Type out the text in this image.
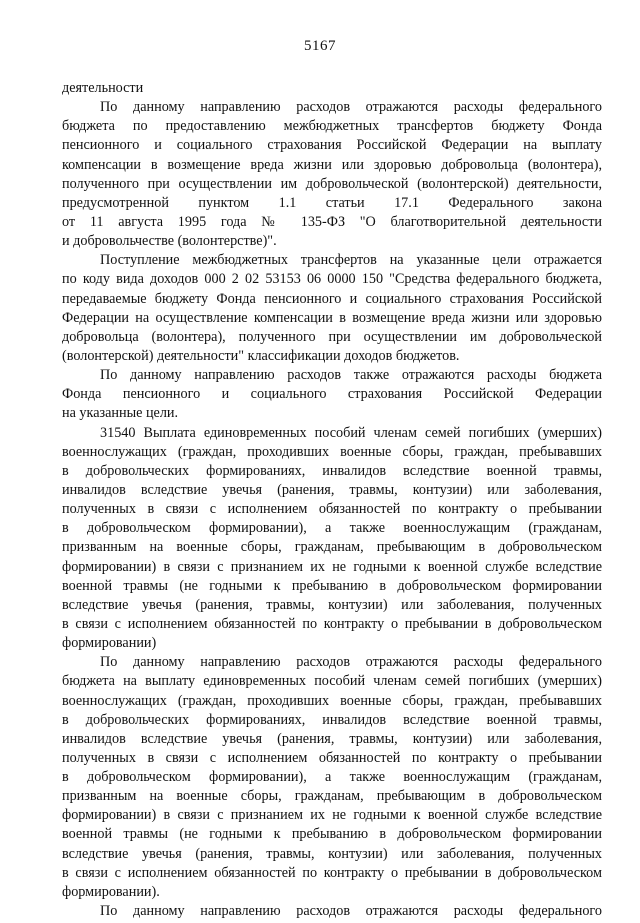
5167
деятельности
По данному направлению расходов отражаются расходы федерального
бюджета по предоставлению межбюджетных трансфертов бюджету Фонда
пенсионного и социального страхования Российской Федерации на выплату
компенсации в возмещение вреда жизни или здоровью добровольца (волонтера),
полученного при осуществлении им добровольческой (волонтерской) деятельности,
предусмотренной пунктом 1.1 статьи 17.1 Федерального закона
от 11 августа 1995 года № 135-ФЗ "О благотворительной деятельности
и добровольчестве (волонтерстве)".
Поступление межбюджетных трансфертов на указанные цели отражается
по коду вида доходов 000 2 02 53153 06 0000 150 "Средства федерального бюджета,
передаваемые бюджету Фонда пенсионного и социального страхования Российской
Федерации на осуществление компенсации в возмещение вреда жизни или здоровью
добровольца (волонтера), полученного при осуществлении им добровольческой
(волонтерской) деятельности" классификации доходов бюджетов.
По данному направлению расходов также отражаются расходы бюджета
Фонда пенсионного и социального страхования Российской Федерации
на указанные цели.
31540 Выплата единовременных пособий членам семей погибших (умерших)
военнослужащих (граждан, проходивших военные сборы, граждан, пребывавших
в добровольческих формированиях, инвалидов вследствие военной травмы,
инвалидов вследствие увечья (ранения, травмы, контузии) или заболевания,
полученных в связи с исполнением обязанностей по контракту о пребывании
в добровольческом формировании), а также военнослужащим (гражданам,
призванным на военные сборы, гражданам, пребывающим в добровольческом
формировании) в связи с признанием их не годными к военной службе вследствие
военной травмы (не годными к пребыванию в добровольческом формировании
вследствие увечья (ранения, травмы, контузии) или заболевания, полученных
в связи с исполнением обязанностей по контракту о пребывании в добровольческом
формировании)
По данному направлению расходов отражаются расходы федерального
бюджета на выплату единовременных пособий членам семей погибших (умерших)
военнослужащих (граждан, проходивших военные сборы, граждан, пребывавших
в добровольческих формированиях, инвалидов вследствие военной травмы,
инвалидов вследствие увечья (ранения, травмы, контузии) или заболевания,
полученных в связи с исполнением обязанностей по контракту о пребывании
в добровольческом формировании), а также военнослужащим (гражданам,
призванным на военные сборы, гражданам, пребывающим в добровольческом
формировании) в связи с признанием их не годными к военной службе вследствие
военной травмы (не годными к пребыванию в добровольческом формировании
вследствие увечья (ранения, травмы, контузии) или заболевания, полученных
в связи с исполнением обязанностей по контракту о пребывании в добровольческом
формировании).
По данному направлению расходов отражаются расходы федерального
